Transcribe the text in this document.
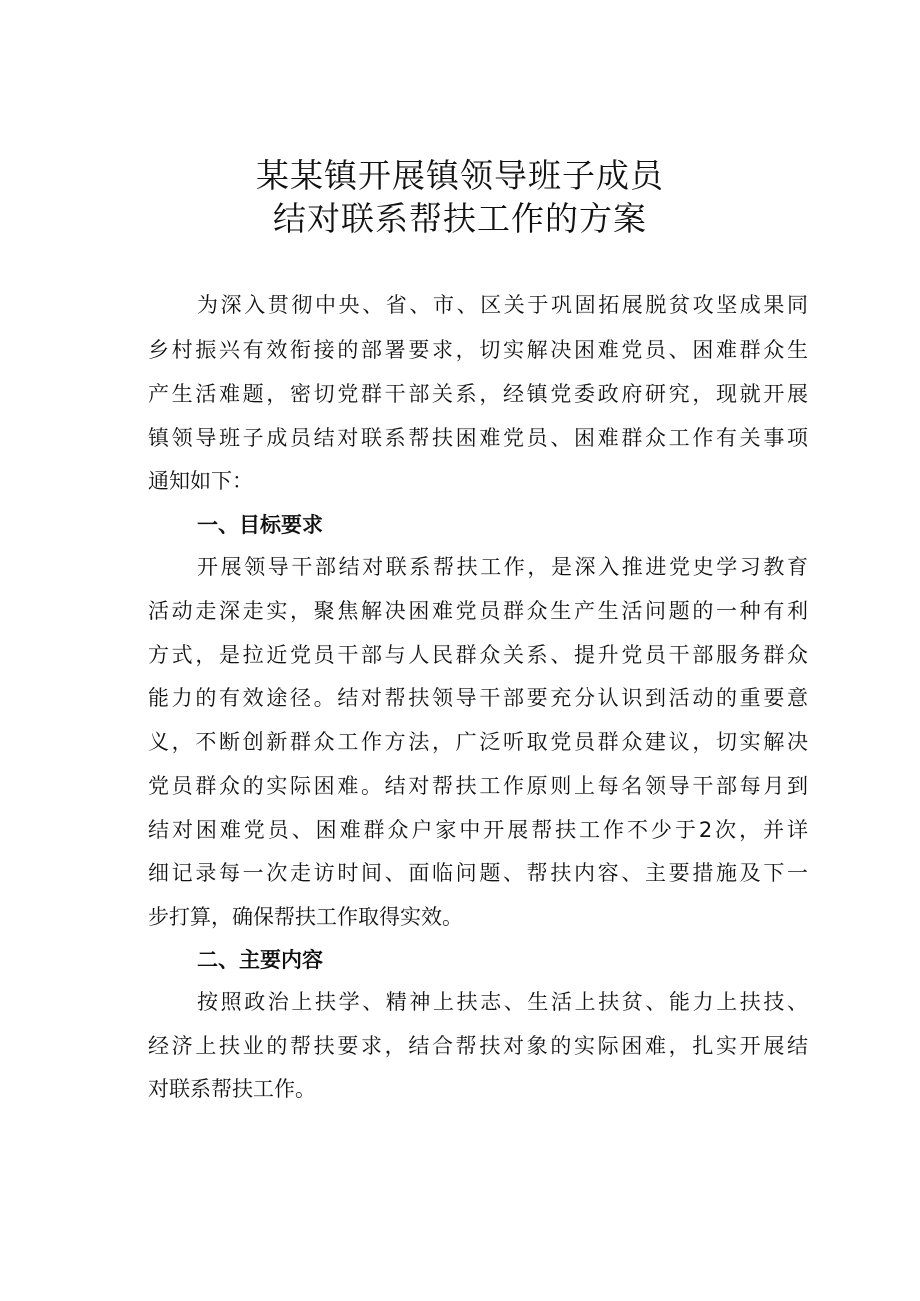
某某镇开展镇领导班子成员
结对联系帮扶工作的方案
为深入贯彻中央、省、市、区关于巩固拓展脱贫攻坚成果同
乡村振兴有效衔接的部署要求，切实解决困难党员、困难群众生
产生活难题，密切党群干部关系，经镇党委政府研究，现就开展
镇领导班子成员结对联系帮扶困难党员、困难群众工作有关事项
通知如下：
一、目标要求
开展领导干部结对联系帮扶工作，是深入推进党史学习教育
活动走深走实，聚焦解决困难党员群众生产生活问题的一种有利
方式，是拉近党员干部与人民群众关系、提升党员干部服务群众
能力的有效途径。结对帮扶领导干部要充分认识到活动的重要意
义，不断创新群众工作方法，广泛听取党员群众建议，切实解决
党员群众的实际困难。结对帮扶工作原则上每名领导干部每月到
结对困难党员、困难群众户家中开展帮扶工作不少于2次，并详
细记录每一次走访时间、面临问题、帮扶内容、主要措施及下一
步打算，确保帮扶工作取得实效。
二、主要内容
按照政治上扶学、精神上扶志、生活上扶贫、能力上扶技、
经济上扶业的帮扶要求，结合帮扶对象的实际困难，扎实开展结
对联系帮扶工作。
